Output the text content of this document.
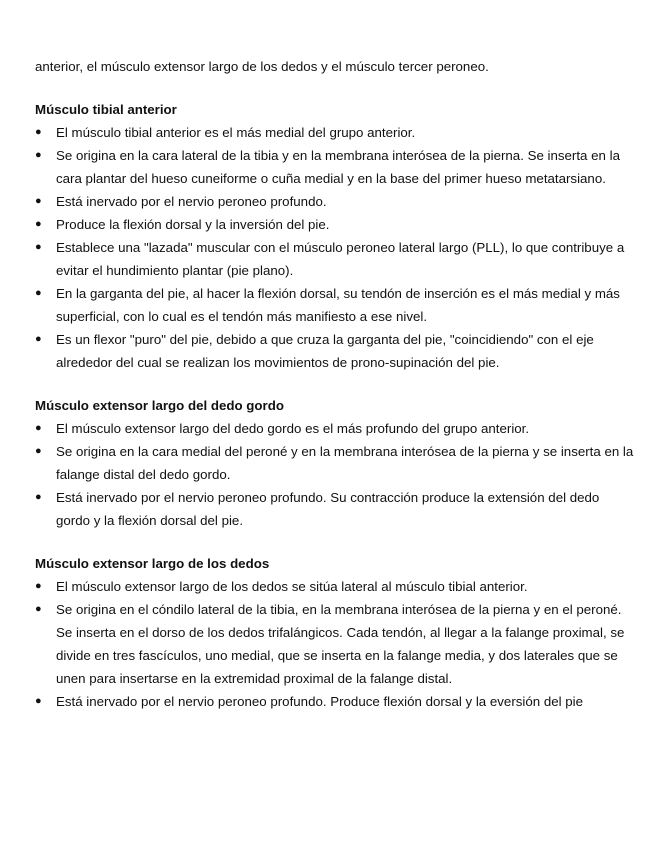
anterior, el músculo extensor largo de los dedos y el músculo tercer peroneo.

Músculo tibial anterior

● El músculo tibial anterior es el más medial del grupo anterior.
● Se origina en la cara lateral de la tibia y en la membrana interósea de la pierna. Se inserta en la cara plantar del hueso cuneiforme o cuña medial y en la base del primer hueso metatarsiano.
● Está inervado por el nervio peroneo profundo.
● Produce la flexión dorsal y la inversión del pie.
● Establece una "lazada" muscular con el músculo peroneo lateral largo (PLL), lo que contribuye a evitar el hundimiento plantar (pie plano).
● En la garganta del pie, al hacer la flexión dorsal, su tendón de inserción es el más medial y más superficial, con lo cual es el tendón más manifiesto a ese nivel.
● Es un flexor "puro" del pie, debido a que cruza la garganta del pie, "coincidiendo" con el eje alrededor del cual se realizan los movimientos de prono-supinación del pie.

Músculo extensor largo del dedo gordo

● El músculo extensor largo del dedo gordo es el más profundo del grupo anterior.
● Se origina en la cara medial del peroné y en la membrana interósea de la pierna y se inserta en la falange distal del dedo gordo.
● Está inervado por el nervio peroneo profundo. Su contracción produce la extensión del dedo gordo y la flexión dorsal del pie.

Músculo extensor largo de los dedos

● El músculo extensor largo de los dedos se sitúa lateral al músculo tibial anterior.
● Se origina en el cóndilo lateral de la tibia, en la membrana interósea de la pierna y en el peroné. Se inserta en el dorso de los dedos trifalángicos. Cada tendón, al llegar a la falange proximal, se divide en tres fascículos, uno medial, que se inserta en la falange media, y dos laterales que se unen para insertarse en la extremidad proximal de la falange distal.
● Está inervado por el nervio peroneo profundo. Produce flexión dorsal y la eversión del pie
